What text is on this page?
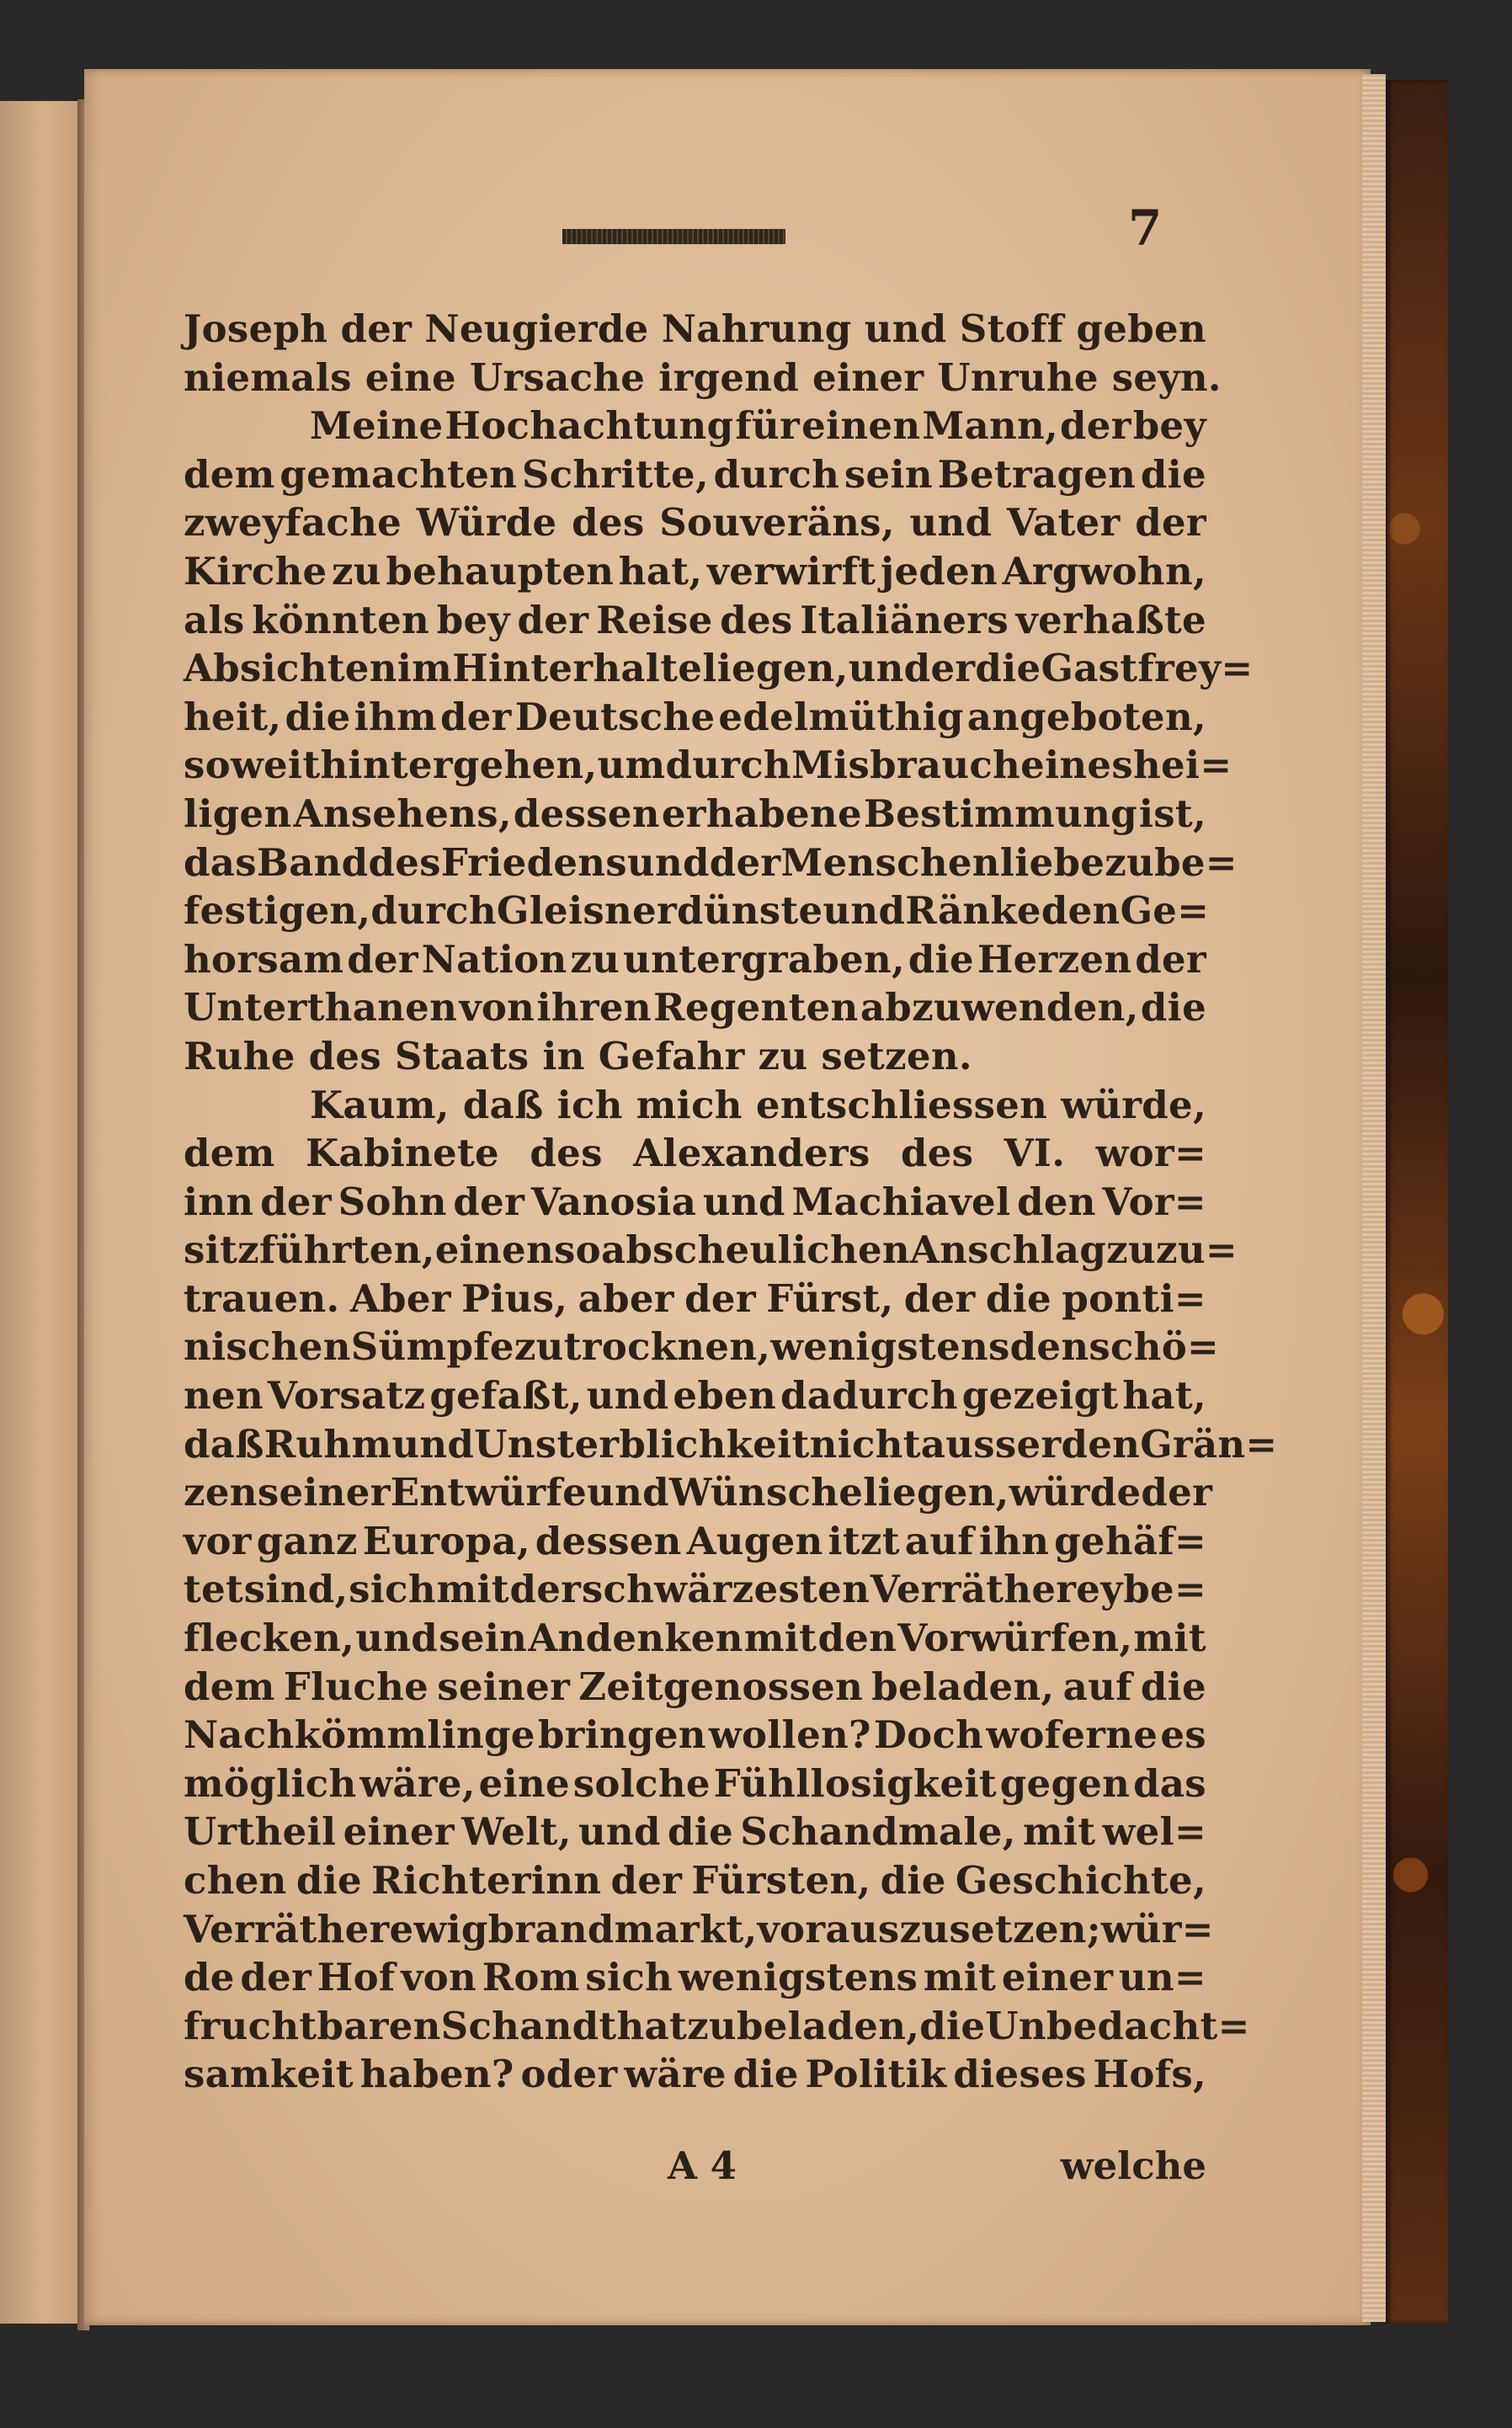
7
Joseph der Neugierde Nahrung und Stoff geben
niemals eine Ursache irgend einer Unruhe seyn.
Meine Hochachtung für einen Mann, der bey
dem gemachten Schritte, durch sein Betragen die
zweyfache Würde des Souveräns, und Vater der
Kirche zu behaupten hat, verwirft jeden Argwohn,
als könnten bey der Reise des Italiäners verhaßte
Absichten im Hinterhalte liegen, und er die Gastfrey=
heit, die ihm der Deutsche edelmüthig angeboten,
so weit hintergehen, um durch Misbrauch eines hei=
ligen Ansehens, dessen erhabene Bestimmung ist,
das Band des Friedens und der Menschenliebe zu be=
festigen, durch Gleisnerdünste und Ränke den Ge=
horsam der Nation zu untergraben, die Herzen der
Unterthanen von ihren Regenten abzuwenden, die
Ruhe des Staats in Gefahr zu setzen.
Kaum, daß ich mich entschliessen würde,
dem Kabinete des Alexanders des VI. wor=
inn der Sohn der Vanosia und Machiavel den Vor=
sitz führten, einen so abscheulichen Anschlag zuzu=
trauen. Aber Pius, aber der Fürst, der die ponti=
nischen Sümpfe zu trocknen, wenigstens den schö=
nen Vorsatz gefaßt, und eben dadurch gezeigt hat,
daß Ruhm und Unsterblichkeit nicht ausser den Grän=
zen seiner Entwürfe und Wünsche liegen, würde der
vor ganz Europa, dessen Augen itzt auf ihn gehäf=
tet sind, sich mit der schwärzesten Verrätherey be=
flecken, und sein Andenken mit den Vorwürfen, mit
dem Fluche seiner Zeitgenossen beladen, auf die
Nachkömmlinge bringen wollen? Doch woferne es
möglich wäre, eine solche Fühllosigkeit gegen das
Urtheil einer Welt, und die Schandmale, mit wel=
chen die Richterinn der Fürsten, die Geschichte,
Verräther ewig brandmarkt, vorauszusetzen; wür=
de der Hof von Rom sich wenigstens mit einer un=
fruchtbaren Schandthat zu beladen, die Unbedacht=
samkeit haben? oder wäre die Politik dieses Hofs,
A 4	welche
